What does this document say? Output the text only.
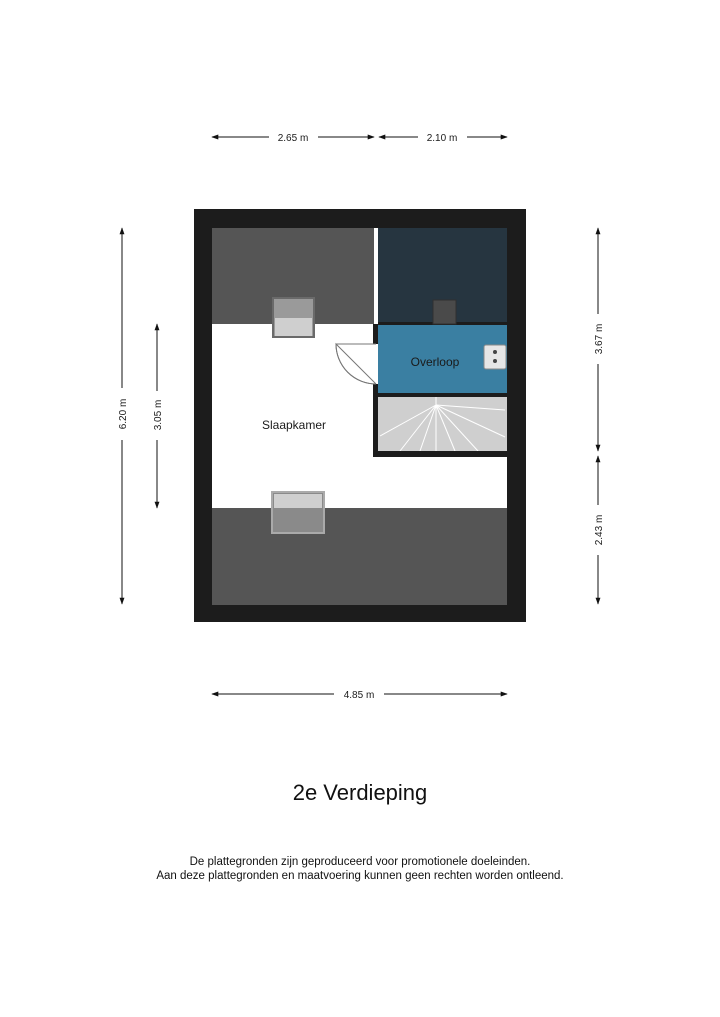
Slaapkamer
Overloop
2.65 m	2.10 m
4.85 m
6.20 m 3.05 m
3.67 m
2.43 m
2e Verdieping
De plattegronden zijn geproduceerd voor promotionele doeleinden.
Aan deze plattegronden en maatvoering kunnen geen rechten worden ontleend.
